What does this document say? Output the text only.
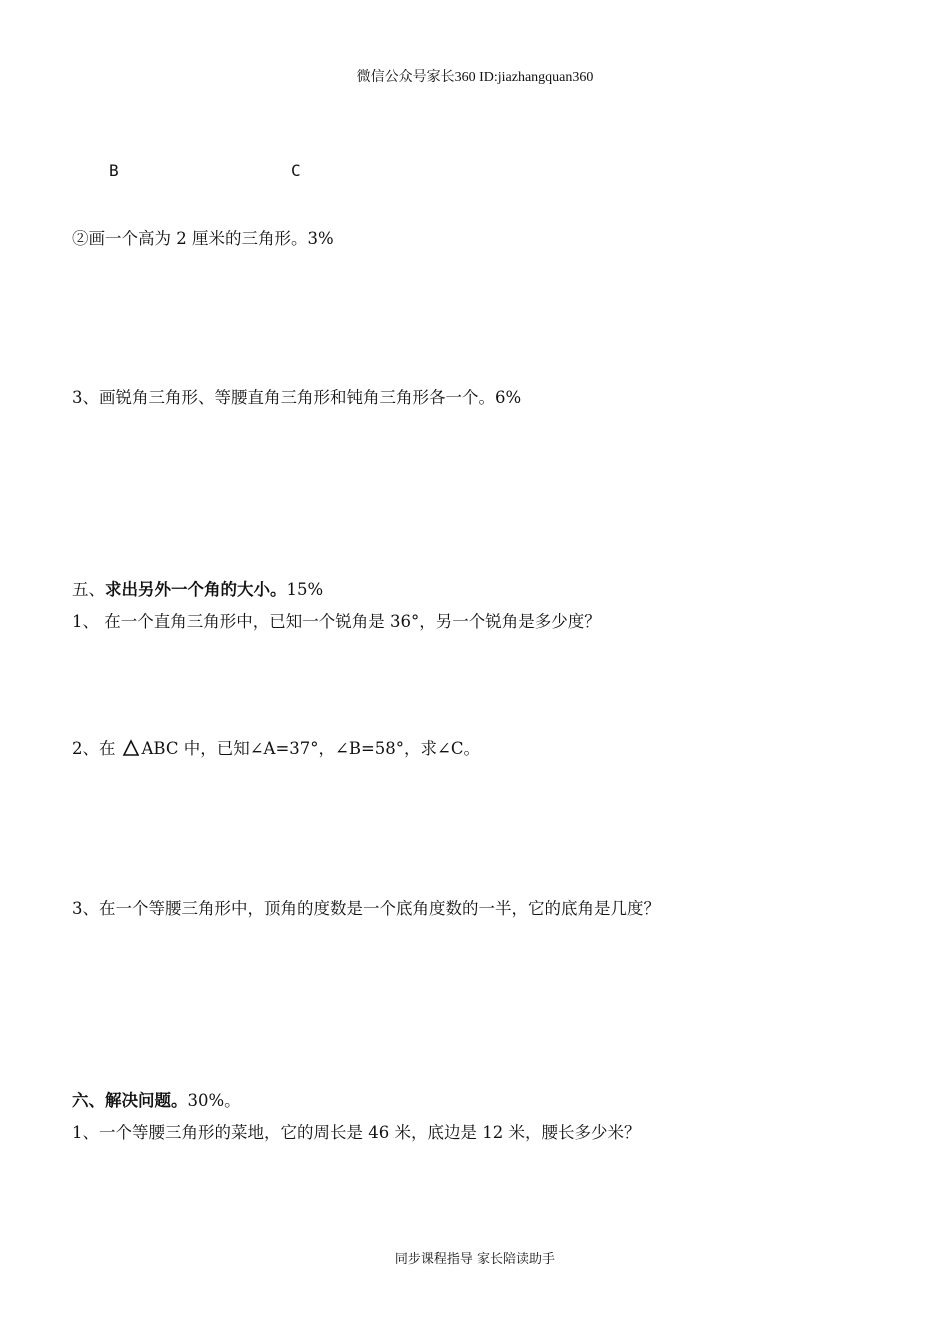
微信公众号家长360 ID:jiazhangquan360
B	C
②画一个高为 2 厘米的三角形。3%
3、画锐角三角形、等腰直角三角形和钝角三角形各一个。6%
五、求出另外一个角的大小。15%
1、 在一个直角三角形中，已知一个锐角是 36°，另一个锐角是多少度？
2、在 ABC 中，已知∠A=37°，∠B=58°，求∠C。
3、在一个等腰三角形中，顶角的度数是一个底角度数的一半，它的底角是几度？
六、解决问题。30%。
1、一个等腰三角形的菜地，它的周长是 46 米，底边是 12 米，腰长多少米？
同步课程指导 家长陪读助手
